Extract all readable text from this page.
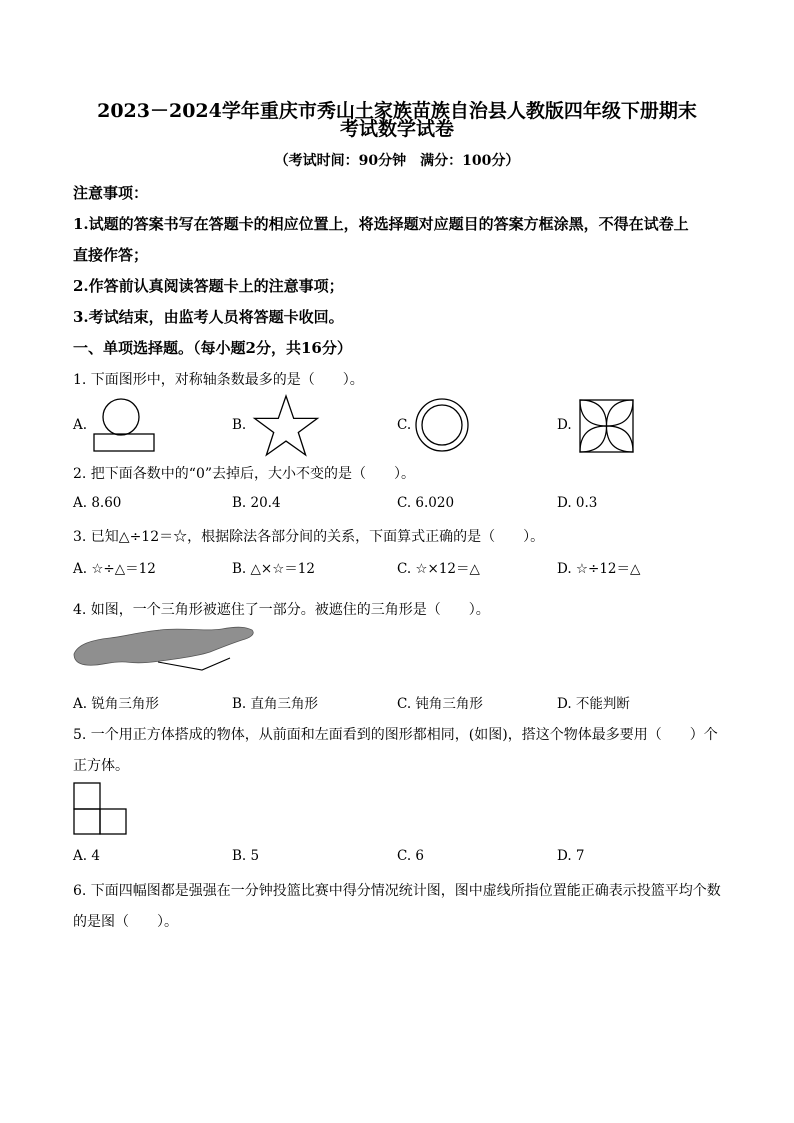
2023－2024学年重庆市秀山土家族苗族自治县人教版四年级下册期末
考试数学试卷
（考试时间：90分钟　满分：100分）
注意事项：
1.试题的答案书写在答题卡的相应位置上，将选择题对应题目的答案方框涂黑，不得在试卷上
直接作答；
2.作答前认真阅读答题卡上的注意事项；
3.考试结束，由监考人员将答题卡收回。
一、单项选择题。（每小题2分，共16分）
1. 下面图形中，对称轴条数最多的是（　　）。
A.	B.	C.	D.
2. 把下面各数中的“0”去掉后，大小不变的是（　　）。
A. 8.60	B. 20.4	C. 6.020	D. 0.3
3. 已知△÷12＝☆，根据除法各部分间的关系，下面算式正确的是（　　）。
A. ☆÷△＝12	B. △×☆＝12	C. ☆×12＝△	D. ☆÷12＝△
4. 如图，一个三角形被遮住了一部分。被遮住的三角形是（　　）。
A. 锐角三角形	B. 直角三角形	C. 钝角三角形	D. 不能判断
5. 一个用正方体搭成的物体，从前面和左面看到的图形都相同，(如图)，搭这个物体最多要用（　　）个
正方体。
A. 4	B. 5	C. 6	D. 7
6. 下面四幅图都是强强在一分钟投篮比赛中得分情况统计图，图中虚线所指位置能正确表示投篮平均个数
的是图（　　）。
